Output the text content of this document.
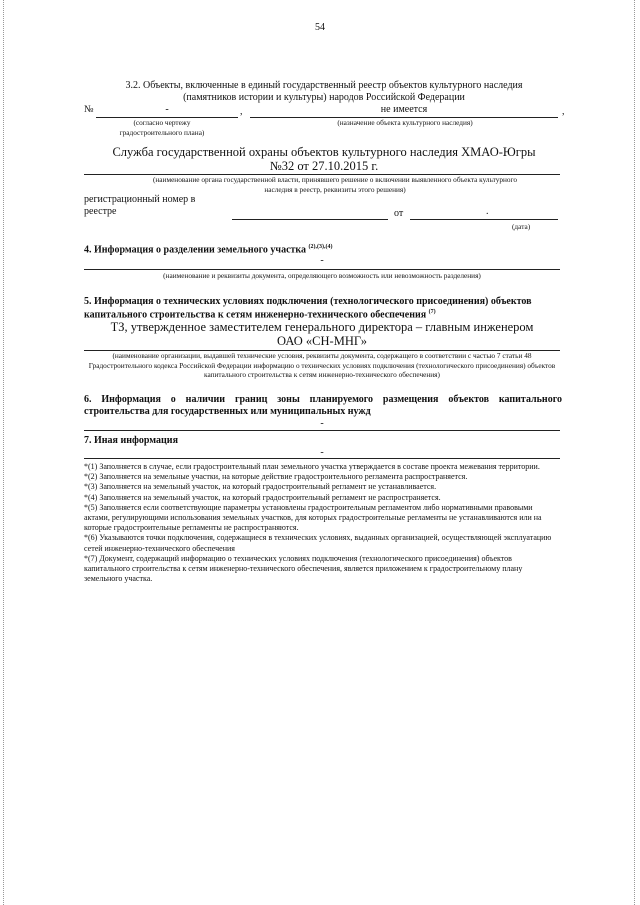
54
3.2. Объекты, включенные в единый государственный реестр объектов культурного наследия
(памятников истории и культуры) народов Российской Федерации
№	-	,	не имеется	,
(согласно чертежу градостроительного плана)
(назначение объекта культурного наследия)
Служба государственной охраны объектов культурного наследия ХМАО-Югры
№32 от 27.10.2015 г.
(наименование органа государственной власти, принявшего решение о включении выявленного объекта культурного наследия в реестр, реквизиты этого решения)
регистрационный номер в реестре	от	.
(дата)
4. Информация о разделении земельного участка $^{(2),(3),(4)}$
-
(наименование и реквизиты документа, определяющего возможность или невозможность разделения)
5. Информация о технических условиях подключения (технологического присоединения) объектов капитального строительства к сетям инженерно-технического обеспечения $^{(7)}$
ТЗ, утвержденное заместителем генерального директора – главным инженером
ОАО «СН-МНГ»
(наименование организации, выдавшей технические условия, реквизиты документа, содержащего в соответствии с частью 7 статьи 48 Градостроительного кодекса Российской Федерации информацию о технических условиях подключения (технологического присоединения) объектов капитального строительства к сетям инженерно-технического обеспечения)
6. Информация о наличии границ зоны планируемого размещения объектов капитального строительства для государственных или муниципальных нужд
-
7. Иная информация
-
*(1) Заполняется в случае, если градостроительный план земельного участка утверждается в составе проекта межевания территории.
*(2) Заполняется на земельные участки, на которые действие градостроительного регламента распространяется.
*(3) Заполняется на земельный участок, на который градостроительный регламент не устанавливается.
*(4) Заполняется на земельный участок, на который градостроительный регламент не распространяется.
*(5) Заполняется если соответствующие параметры установлены градостроительным регламентом либо нормативными правовыми актами, регулирующими использования земельных участков, для которых градостроительные регламенты не устанавливаются или на которые градостроительные регламенты не распространяются.
*(6) Указываются точки подключения, содержащиеся в технических условиях, выданных организацией, осуществляющей эксплуатацию сетей инженерно-технического обеспечения
*(7) Документ, содержащий информацию о технических условиях подключения (технологического присоединения) объектов капитального строительства к сетям инженерно-технического обеспечения, является приложением к градостроительному плану земельного участка.
